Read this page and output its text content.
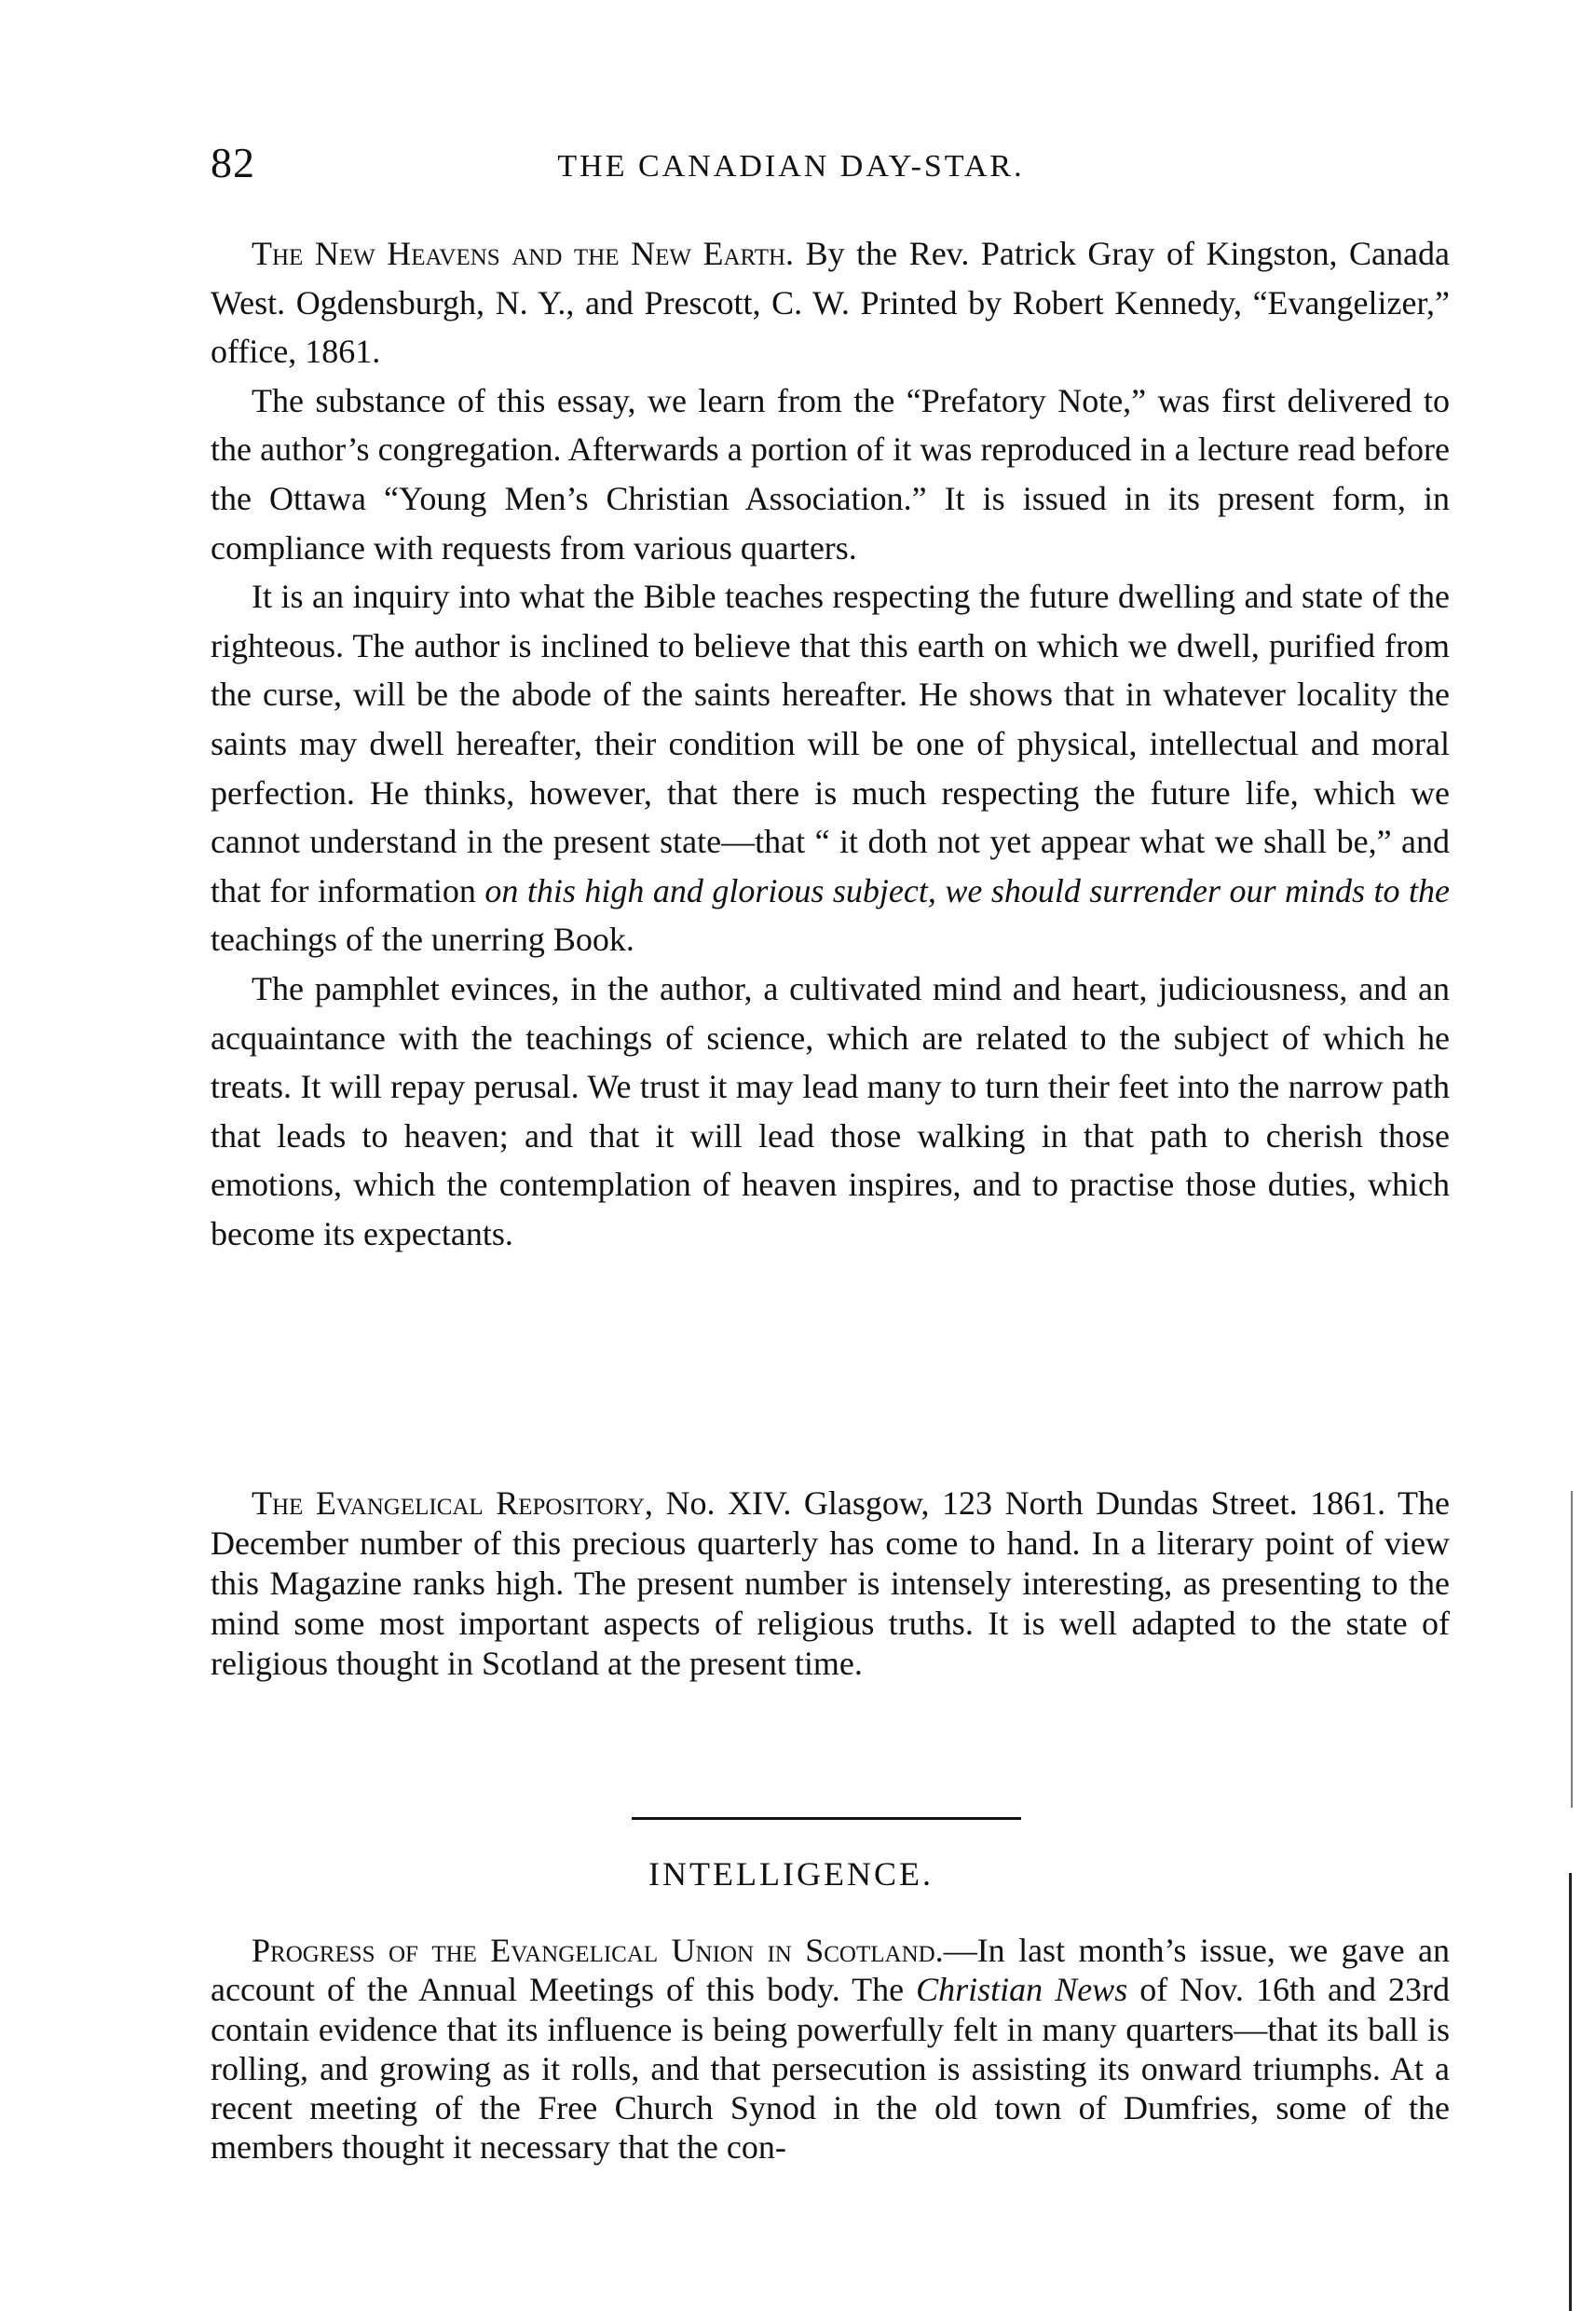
82	THE CANADIAN DAY-STAR.

The New Heavens and the New Earth. By the Rev. Patrick Gray of Kingston, Canada West. Ogdensburgh, N. Y., and Prescott, C. W. Printed by Robert Kennedy, “Evangelizer,” office, 1861.

The substance of this essay, we learn from the “Prefatory Note,” was first delivered to the author’s congregation. Afterwards a portion of it was reproduced in a lecture read before the Ottawa “Young Men’s Christian Association.” It is issued in its present form, in compliance with requests from various quarters.

It is an inquiry into what the Bible teaches respecting the future dwelling and state of the righteous. The author is inclined to believe that this earth on which we dwell, purified from the curse, will be the abode of the saints hereafter. He shows that in whatever locality the saints may dwell hereafter, their condition will be one of physical, intellectual and moral perfection. He thinks, however, that there is much respecting the future life, which we cannot understand in the present state—that “ it doth not yet appear what we shall be,” and that for information on this high and glorious subject, we should surrender our minds to the teachings of the unerring Book.

The pamphlet evinces, in the author, a cultivated mind and heart, judiciousness, and an acquaintance with the teachings of science, which are related to the subject of which he treats. It will repay perusal. We trust it may lead many to turn their feet into the narrow path that leads to heaven; and that it will lead those walking in that path to cherish those emotions, which the contemplation of heaven inspires, and to practise those duties, which become its expectants.

The Evangelical Repository, No. XIV. Glasgow, 123 North Dundas Street. 1861. The December number of this precious quarterly has come to hand. In a literary point of view this Magazine ranks high. The present number is intensely interesting, as presenting to the mind some most important aspects of religious truths. It is well adapted to the state of religious thought in Scotland at the present time.

INTELLIGENCE.

Progress of the Evangelical Union in Scotland.—In last month’s issue, we gave an account of the Annual Meetings of this body. The Christian News of Nov. 16th and 23rd contain evidence that its influence is being powerfully felt in many quarters—that its ball is rolling, and growing as it rolls, and that persecution is assisting its onward triumphs. At a recent meeting of the Free Church Synod in the old town of Dumfries, some of the members thought it necessary that the con-
